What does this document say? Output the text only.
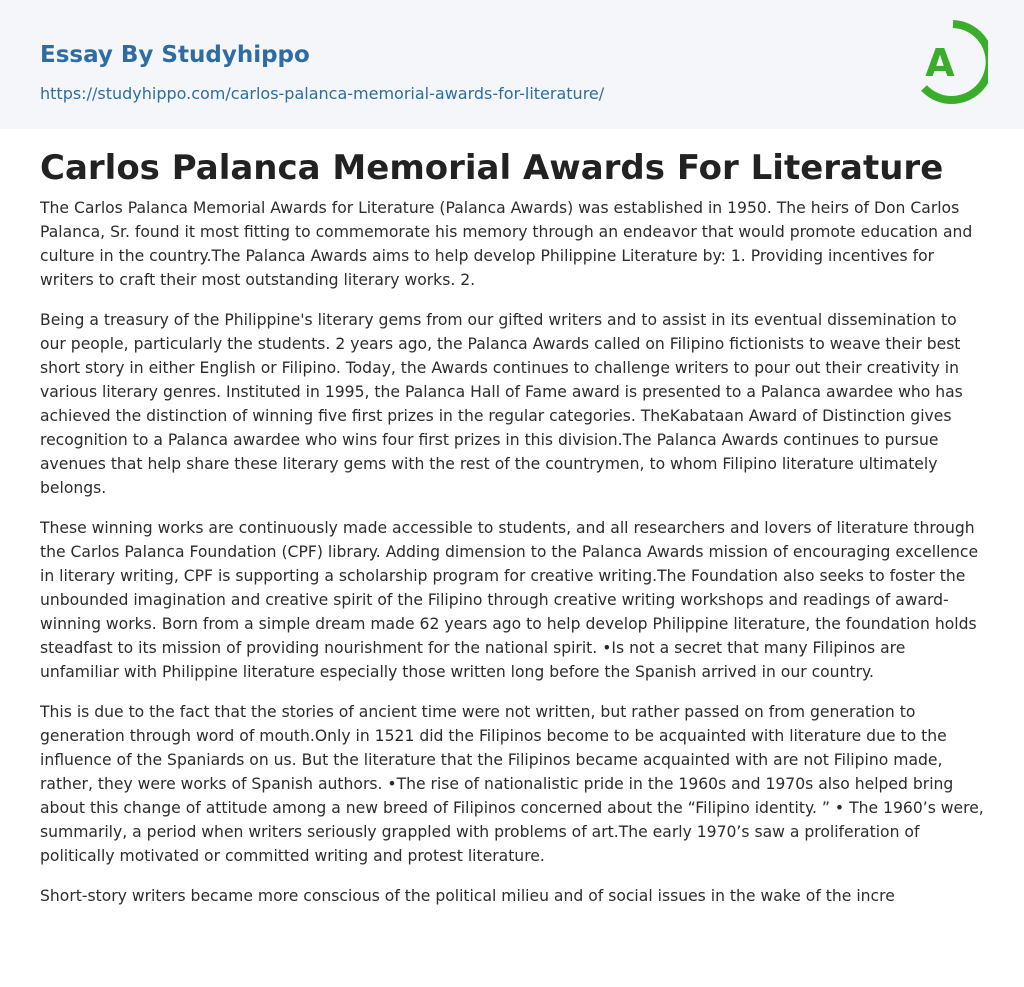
Essay By Studyhippo
https://studyhippo.com/carlos-palanca-memorial-awards-for-literature/
A
Carlos Palanca Memorial Awards For Literature

The Carlos Palanca Memorial Awards for Literature (Palanca Awards) was established in 1950. The heirs of Don Carlos Palanca, Sr. found it most fitting to commemorate his memory through an endeavor that would promote education and culture in the country.The Palanca Awards aims to help develop Philippine Literature by: 1. Providing incentives for writers to craft their most outstanding literary works. 2.

Being a treasury of the Philippine's literary gems from our gifted writers and to assist in its eventual dissemination to our people, particularly the students. 2 years ago, the Palanca Awards called on Filipino fictionists to weave their best short story in either English or Filipino. Today, the Awards continues to challenge writers to pour out their creativity in various literary genres. Instituted in 1995, the Palanca Hall of Fame award is presented to a Palanca awardee who has achieved the distinction of winning five first prizes in the regular categories. TheKabataan Award of Distinction gives recognition to a Palanca awardee who wins four first prizes in this division.The Palanca Awards continues to pursue avenues that help share these literary gems with the rest of the countrymen, to whom Filipino literature ultimately belongs.

These winning works are continuously made accessible to students, and all researchers and lovers of literature through the Carlos Palanca Foundation (CPF) library. Adding dimension to the Palanca Awards mission of encouraging excellence in literary writing, CPF is supporting a scholarship program for creative writing.The Foundation also seeks to foster the unbounded imagination and creative spirit of the Filipino through creative writing workshops and readings of award-winning works. Born from a simple dream made 62 years ago to help develop Philippine literature, the foundation holds steadfast to its mission of providing nourishment for the national spirit. •Is not a secret that many Filipinos are unfamiliar with Philippine literature especially those written long before the Spanish arrived in our country.

This is due to the fact that the stories of ancient time were not written, but rather passed on from generation to generation through word of mouth.Only in 1521 did the Filipinos become to be acquainted with literature due to the influence of the Spaniards on us. But the literature that the Filipinos became acquainted with are not Filipino made, rather, they were works of Spanish authors. •The rise of nationalistic pride in the 1960s and 1970s also helped bring about this change of attitude among a new breed of Filipinos concerned about the “Filipino identity. ” • The 1960’s were, summarily, a period when writers seriously grappled with problems of art.The early 1970’s saw a proliferation of politically motivated or committed writing and protest literature.

Short-story writers became more conscious of the political milieu and of social issues in the wake of the incre
